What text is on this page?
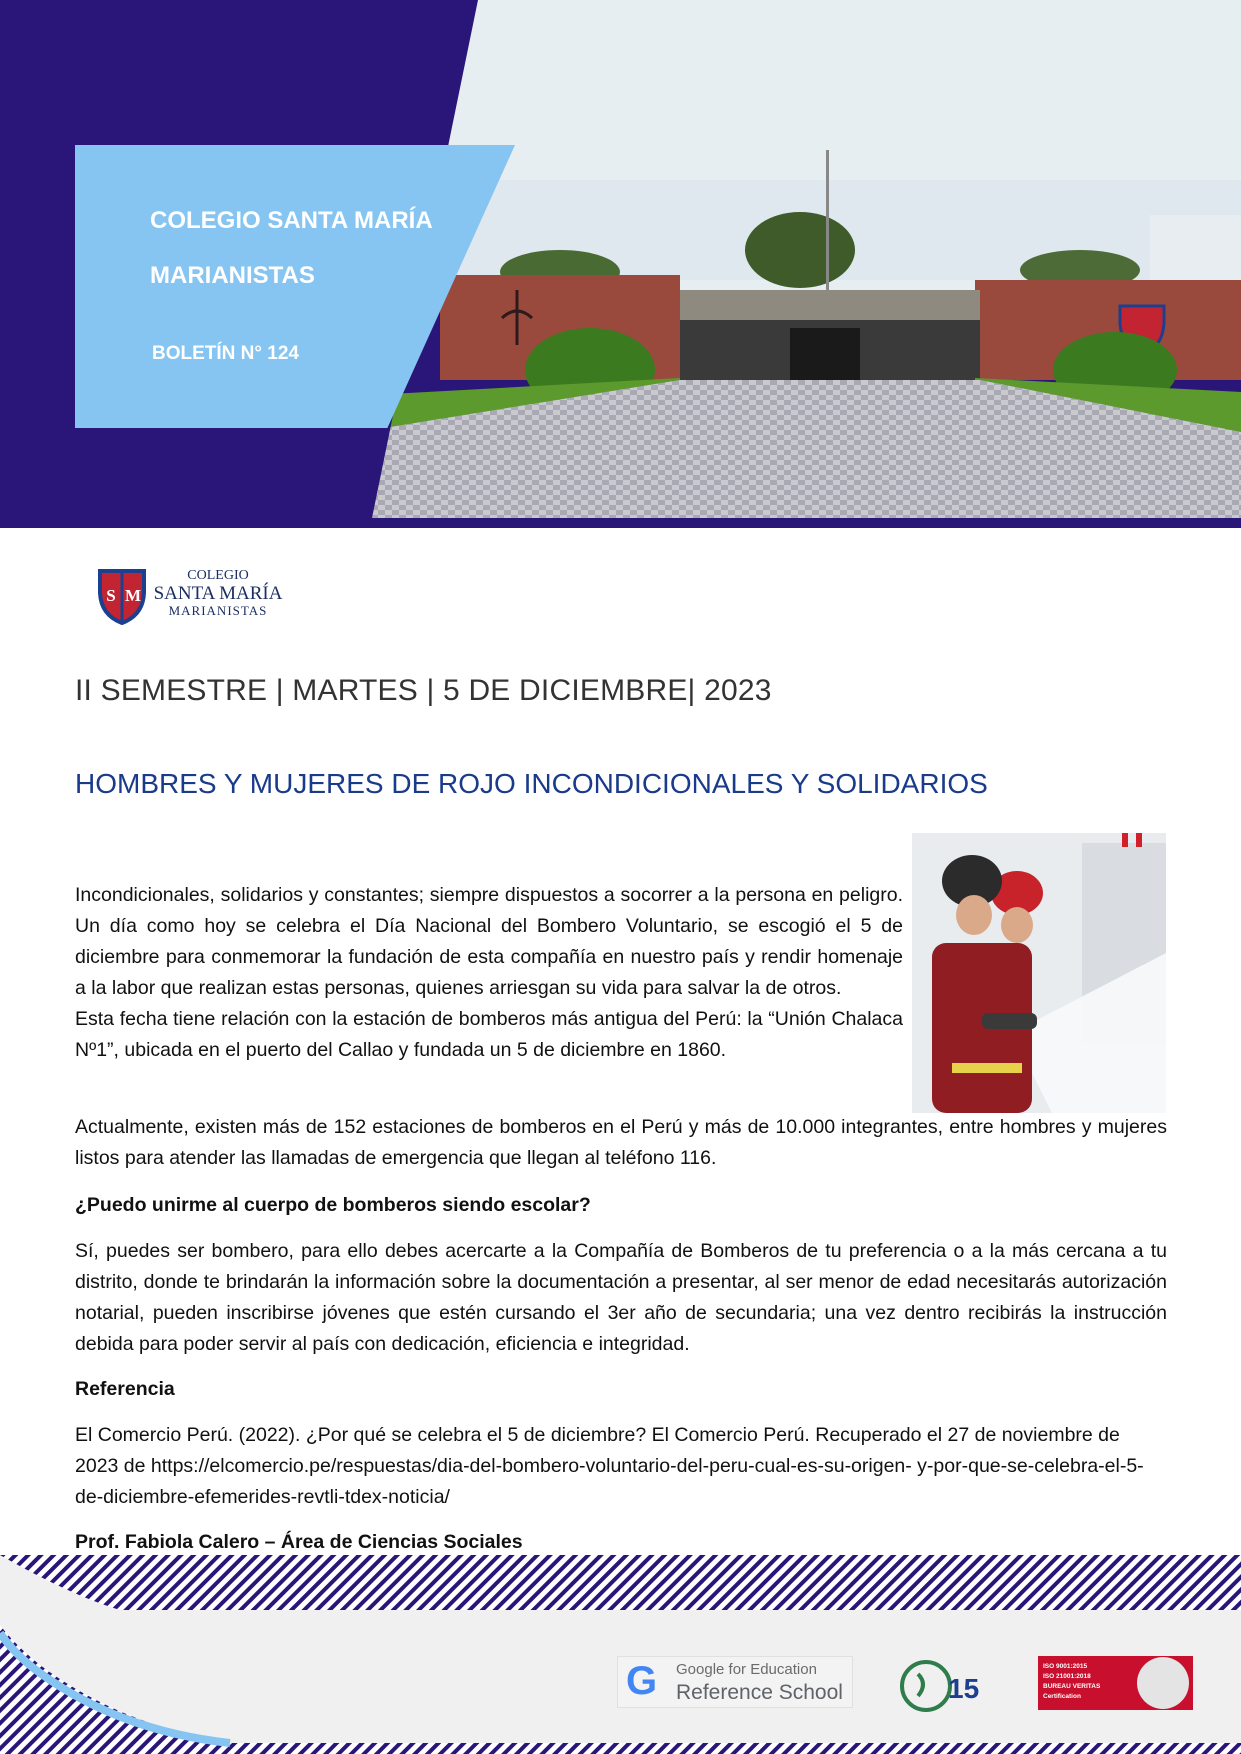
COLEGIO SANTA MARÍA MARIANISTAS
BOLETÍN N° 124
S M
COLEGIO
SANTA MARÍA
MARIANISTAS
II SEMESTRE | MARTES | 5 DE DICIEMBRE| 2023
HOMBRES Y MUJERES DE ROJO INCONDICIONALES Y SOLIDARIOS
Incondicionales, solidarios y constantes; siempre dispuestos a socorrer a la persona en peligro. Un día como hoy se celebra el Día Nacional del Bombero Voluntario, se escogió el 5 de diciembre para conmemorar la fundación de esta compañía en nuestro país y rendir homenaje a la labor que realizan estas personas, quienes arriesgan su vida para salvar la de otros.
Esta fecha tiene relación con la estación de bomberos más antigua del Perú: la “Unión Chalaca Nº1”, ubicada en el puerto del Callao y fundada un 5 de diciembre en 1860.

Actualmente, existen más de 152 estaciones de bomberos en el Perú y más de 10.000 integrantes, entre hombres y mujeres listos para atender las llamadas de emergencia que llegan al teléfono 116.

¿Puedo unirme al cuerpo de bomberos siendo escolar?

Sí, puedes ser bombero, para ello debes acercarte a la Compañía de Bomberos de tu preferencia o a la más cercana a tu distrito, donde te brindarán la información sobre la documentación a presentar, al ser menor de edad necesitarás autorización notarial, pueden inscribirse jóvenes que estén cursando el 3er año de secundaria; una vez dentro recibirás la instrucción debida para poder servir al país con dedicación, eficiencia e integridad.

Referencia

El Comercio Perú. (2022). ¿Por qué se celebra el 5 de diciembre? El Comercio Perú. Recuperado el 27 de noviembre de 2023 de https://elcomercio.pe/respuestas/dia-del-bombero-voluntario-del-peru-cual-es-su-origen- y-por-que-se-celebra-el-5-de-diciembre-efemerides-revtli-tdex-noticia/

Prof. Fabiola Calero – Área de Ciencias Sociales

G Google for Education
Reference School	15
ISO 9001:2015
ISO 21001:2018
BUREAU VERITAS
Certification
